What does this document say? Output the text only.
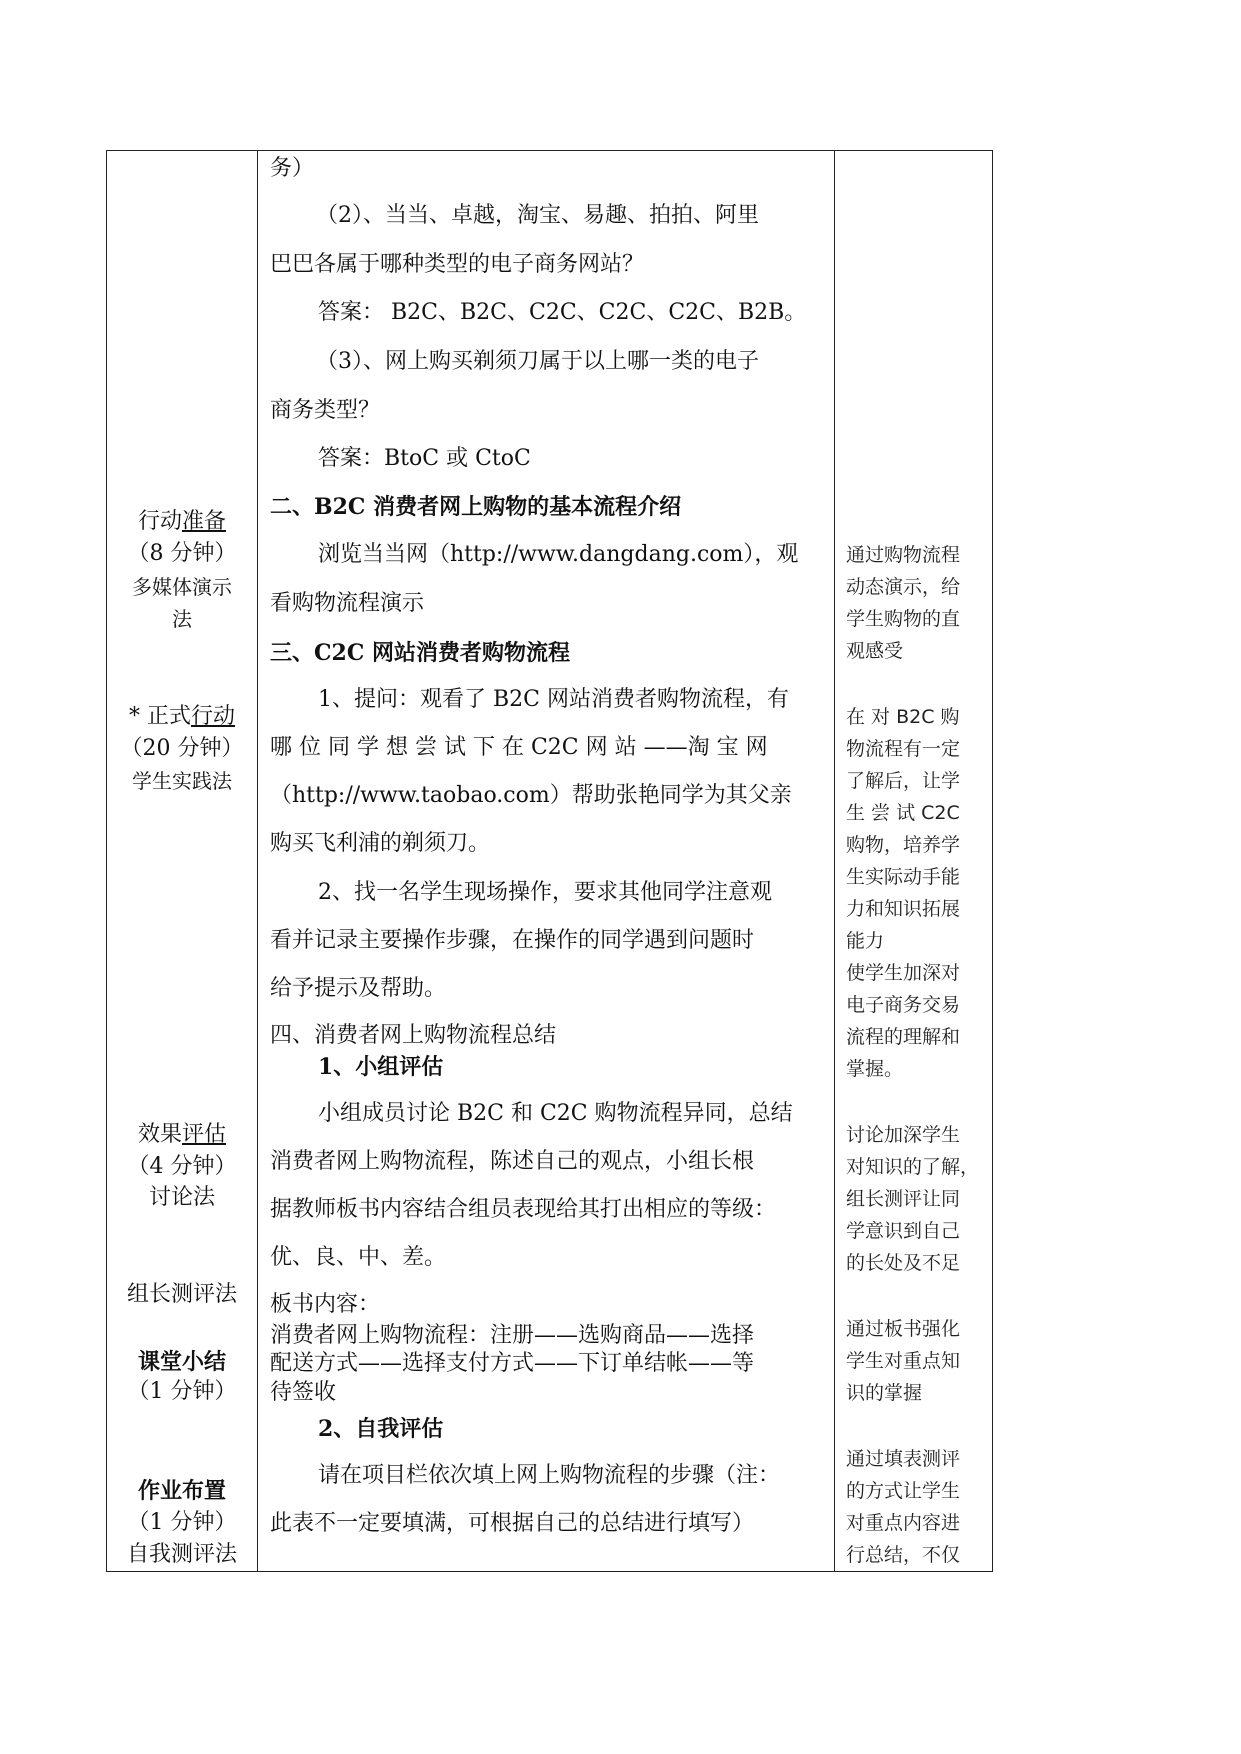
行动准备
（8 分钟）
多媒体演示
法
* 正式行动
（20 分钟）
学生实践法
效果评估
（4 分钟）
讨论法
组长测评法
课堂小结
（1 分钟）
作业布置
（1 分钟）
自我测评法
务）
（2）、当当、卓越，淘宝、易趣、拍拍、阿里
巴巴各属于哪种类型的电子商务网站？
答案： B2C、B2C、C2C、C2C、C2C、B2B。
（3）、网上购买剃须刀属于以上哪一类的电子
商务类型？
答案：BtoC 或 CtoC
二、B2C 消费者网上购物的基本流程介绍
浏览当当网（http://www.dangdang.com），观
看购物流程演示
三、C2C 网站消费者购物流程
1、提问：观看了 B2C 网站消费者购物流程，有
哪 位 同 学 想 尝 试 下 在 C2C 网 站 ——淘 宝 网
（http://www.taobao.com）帮助张艳同学为其父亲
购买飞利浦的剃须刀。
2、找一名学生现场操作，要求其他同学注意观
看并记录主要操作步骤，在操作的同学遇到问题时
给予提示及帮助。
四、消费者网上购物流程总结
1、小组评估
小组成员讨论 B2C 和 C2C 购物流程异同，总结
消费者网上购物流程，陈述自己的观点，小组长根
据教师板书内容结合组员表现给其打出相应的等级：
优、良、中、差。
板书内容：
消费者网上购物流程：注册——选购商品——选择
配送方式——选择支付方式——下订单结帐——等
待签收
2、自我评估
请在项目栏依次填上网上购物流程的步骤（注：
此表不一定要填满，可根据自己的总结进行填写）
通过购物流程
动态演示，给
学生购物的直
观感受
在 对 B2C 购
物流程有一定
了解后，让学
生 尝 试 C2C
购物，培养学
生实际动手能
力和知识拓展
能力
使学生加深对
电子商务交易
流程的理解和
掌握。
讨论加深学生
对知识的了解，
组长测评让同
学意识到自己
的长处及不足
通过板书强化
学生对重点知
识的掌握
通过填表测评
的方式让学生
对重点内容进
行总结，不仅
